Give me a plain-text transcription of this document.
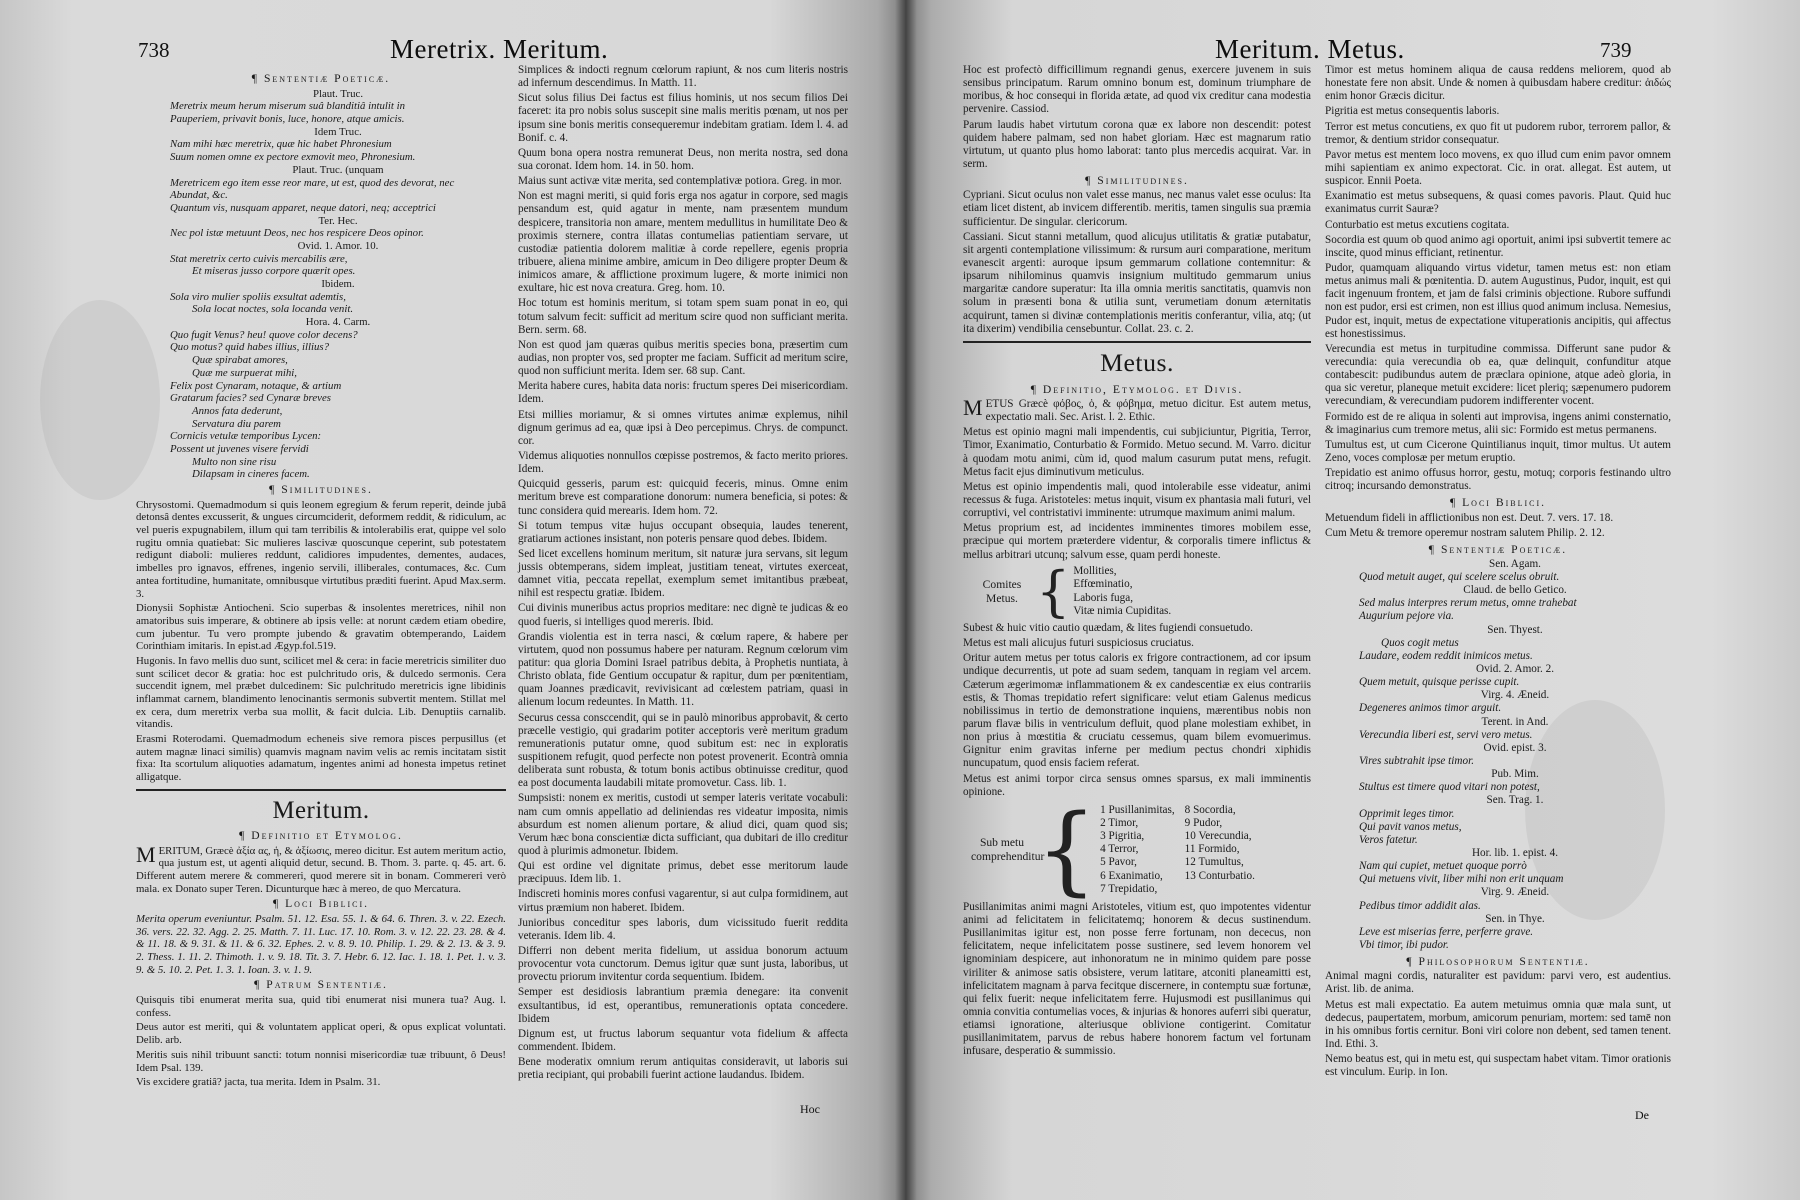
738	Meretrix. Meritum.
¶ Sententiæ Poeticæ.
Plaut. Truc.
Meretrix meum herum miserum suâ blanditiâ intulit in
Pauperiem, privavit bonis, luce, honore, atque amicis.
Idem Truc.
Nam mihi hæc meretrix, quæ hic habet Phronesium
Suum nomen omne ex pectore exmovit meo, Phronesium.
Plaut. Truc. (unquam
Meretricem ego item esse reor mare, ut est, quod des devorat, nec
Abundat, &c.
Quantum vis, nusquam apparet, neque datori, neq; acceptrici
Ter. Hec.
Nec pol istæ metuunt Deos, nec hos respicere Deos opinor.
Ovid. 1. Amor. 10.
Stat meretrix certo cuivis mercabilis ære,
Et miseras jusso corpore quærit opes.
Ibidem.
Sola viro mulier spoliis exsultat ademtis,
Sola locat noctes, sola locanda venit.
Hora. 4. Carm.
Quo fugit Venus? heu! quove color decens?
Quo motus? quid habes illius, illius?
Quæ spirabat amores,
Quæ me surpuerat mihi,
Felix post Cynaram, notaque, & artium
Gratarum facies? sed Cynaræ breves
Annos fata dederunt,
Servatura diu parem
Cornicis vetulæ temporibus Lycen:
Possent ut juvenes visere fervidi
Multo non sine risu
Dilapsam in cineres facem.
¶ Similitudines.

Chrysostomi. Quemadmodum si quis leonem egregium & ferum reperit, deinde jubâ detonsâ dentes excusserit, & ungues circumciderit, deformem reddit, & ridiculum, ac vel pueris expugnabilem, illum qui tam terribilis & intolerabilis erat, quippe vel solo rugitu omnia quatiebat: Sic mulieres lascivæ quoscunque ceperint, sub potestatem redigunt diaboli: mulieres reddunt, calidiores impudentes, dementes, audaces, imbelles pro ignavos, effrenes, ingenio servili, illiberales, contumaces, &c. Cum antea fortitudine, humanitate, omnibusque virtutibus præditi fuerint. Apud Max.serm. 3.

Dionysii Sophistæ Antiocheni. Scio superbas & insolentes meretrices, nihil non amatoribus suis imperare, & obtinere ab ipsis velle: at norunt cædem etiam obedire, cum jubentur. Tu vero prompte jubendo & gravatim obtemperando, Laidem Corinthiam imitaris. In epist.ad Ægyp.fol.519.

Hugonis. In favo mellis duo sunt, scilicet mel & cera: in facie meretricis similiter duo sunt scilicet decor & gratia: hoc est pulchritudo oris, & dulcedo sermonis. Cera succendit ignem, mel præbet dulcedinem: Sic pulchritudo meretricis igne libidinis inflammat carnem, blandimento lenocinantis sermonis subvertit mentem. Stillat mel ex cera, dum meretrix verba sua mollit, & facit dulcia. Lib. Denuptiis carnalib. vitandis.

Erasmi Roterodami. Quemadmodum echeneis sive remora pisces perpusillus (et autem magnæ linaci similis) quamvis magnam navim velis ac remis incitatam sistit fixa: Ita scortulum aliquoties adamatum, ingentes animi ad honesta impetus retinet alligatque.

Meritum.
¶ Definitio et Etymolog.

MERITUM, Græcè ἀξία ας, ἡ, & ἀξίωσις, mereo dicitur. Est autem meritum actio, qua justum est, ut agenti aliquid detur, secund. B. Thom. 3. parte. q. 45. art. 6. Different autem merere & commereri, quod merere sit in bonam. Commereri verò mala. ex Donato super Teren. Dicunturque hæc à mereo, de quo Mercatura.

¶ Loci Biblici.

Merita operum eveniuntur. Psalm. 51. 12. Esa. 55. 1. & 64. 6. Thren. 3. v. 22. Ezech. 36. vers. 22. 32. Agg. 2. 25. Matth. 7. 11. Luc. 17. 10. Rom. 3. v. 12. 22. 23. 28. & 4. & 11. 18. & 9. 31. & 11. & 6. 32. Ephes. 2. v. 8. 9. 10. Philip. 1. 29. & 2. 13. & 3. 9. 2. Thess. 1. 11. 2. Thimoth. 1. v. 9. 18. Tit. 3. 7. Hebr. 6. 12. Iac. 1. 18. 1. Pet. 1. v. 3. 9. & 5. 10. 2. Pet. 1. 3. 1. Ioan. 3. v. 1. 9.

¶ Patrum Sententiæ.

Quisquis tibi enumerat merita sua, quid tibi enumerat nisi munera tua? Aug. l. confess.

Deus autor est meriti, qui & voluntatem applicat operi, & opus explicat voluntati. Delib. arb.

Meritis suis nihil tribuunt sancti: totum nonnisi misericordiæ tuæ tribuunt, ô Deus! Idem Psal. 139.

Vis excidere gratiâ? jacta, tua merita. Idem in Psalm. 31.

Simplices & indocti regnum cœlorum rapiunt, & nos cum literis nostris ad infernum descendimus. In Matth. 11.

Sicut solus filius Dei factus est filius hominis, ut nos secum filios Dei faceret: ita pro nobis solus suscepit sine malis meritis pœnam, ut nos per ipsum sine bonis meritis consequeremur indebitam gratiam. Idem l. 4. ad Bonif. c. 4.

Quum bona opera nostra remunerat Deus, non merita nostra, sed dona sua coronat. Idem hom. 14. in 50. hom.

Maius sunt activæ vitæ merita, sed contemplativæ potiora. Greg. in mor.

Non est magni meriti, si quid foris erga nos agatur in corpore, sed magis pensandum est, quid agatur in mente, nam præsentem mundum despicere, transitoria non amare, mentem medullitus in humilitate Deo & proximis sternere, contra illatas contumelias patientiam servare, ut custodiæ patientia dolorem malitiæ à corde repellere, egenis propria tribuere, aliena minime ambire, amicum in Deo diligere propter Deum & inimicos amare, & afflictione proximum lugere, & morte inimici non exultare, hic est nova creatura. Greg. hom. 10.

Hoc totum est hominis meritum, si totam spem suam ponat in eo, qui totum salvum fecit: sufficit ad meritum scire quod non sufficiant merita. Bern. serm. 68.

Non est quod jam quæras quibus meritis species bona, præsertim cum audias, non propter vos, sed propter me faciam. Sufficit ad meritum scire, quod non sufficiunt merita. Idem ser. 68 sup. Cant.

Merita habere cures, habita data noris: fructum speres Dei misericordiam. Idem.

Etsi millies moriamur, & si omnes virtutes animæ explemus, nihil dignum gerimus ad ea, quæ ipsi à Deo percepimus. Chrys. de compunct. cor.

Videmus aliquoties nonnullos cœpisse postremos, & facto merito priores. Idem.

Quicquid gesseris, parum est: quicquid feceris, minus. Omne enim meritum breve est comparatione donorum: numera beneficia, si potes: & tunc considera quid merearis. Idem hom. 72.

Si totum tempus vitæ hujus occupant obsequia, laudes tenerent, gratiarum actiones insistant, non poteris pensare quod debes. Ibidem.

Sed licet excellens hominum meritum, sit naturæ jura servans, sit legum jussis obtemperans, sidem impleat, justitiam teneat, virtutes exerceat, damnet vitia, peccata repellat, exemplum semet imitantibus præbeat, nihil est respectu gratiæ. Ibidem.

Cui divinis muneribus actus proprios meditare: nec dignè te judicas & eo quod fueris, si intelliges quod mereris. Ibid.

Grandis violentia est in terra nasci, & cœlum rapere, & habere per virtutem, quod non possumus habere per naturam. Regnum cœlorum vim patitur: qua gloria Domini Israel patribus debita, à Prophetis nuntiata, à Christo oblata, fide Gentium occupatur & rapitur, dum per pœnitentiam, quam Joannes prædicavit, revivisicant ad cœlestem patriam, quasi in alienum locum redeuntes. In Matth. 11.

Securus cessa consccendit, qui se in paulò minoribus approbavit, & certo præcelle vestigio, qui gradarim potiter acceptoris verè meritum gradum remunerationis putatur omne, quod subitum est: nec in exploratis suspitionem refugit, quod perfecte non potest provenerit. Econtrà omnia deliberata sunt robusta, & totum bonis actibus obtinuisse creditur, quod ea post documenta laudabili mitate promovetur. Cass. lib. 1.

Sumpsisti: nonem ex meritis, custodi ut semper lateris veritate vocabuli: nam cum omnis appellatio ad deliniendas res videatur imposita, nimis absurdum est nomen alienum portare, & aliud dici, quam quod sis; Verum hæc bona conscientiæ dicta sufficiant, qua dubitari de illo creditur quod à plurimis admonetur. Ibidem.

Qui est ordine vel dignitate primus, debet esse meritorum laude præcipuus. Idem lib. 1.

Indiscreti hominis mores confusi vagarentur, si aut culpa formidinem, aut virtus præmium non haberet. Ibidem.

Junioribus conceditur spes laboris, dum vicissitudo fuerit reddita veteranis. Idem lib. 4.

Differri non debent merita fidelium, ut assidua bonorum actuum provocentur vota cunctorum. Demus igitur quæ sunt justa, laboribus, ut provectu priorum invitentur corda sequentium. Ibidem.

Semper est desidiosis labrantium præmia denegare: ita convenit exsultantibus, id est, operantibus, remunerationis optata concedere. Ibidem

Dignum est, ut fructus laborum sequantur vota fidelium & affecta commendent. Ibidem.

Bene moderatix omnium rerum antiquitas consideravit, ut laboris sui pretia recipiant, qui probabili fuerint actione laudandus. Ibidem.

Hoc
739
Meritum. Metus.

Hoc est profectò difficillimum regnandi genus, exercere juvenem in suis sensibus principatum. Rarum omnino bonum est, dominum triumphare de moribus, & hoc consequi in florida ætate, ad quod vix creditur cana modestia pervenire. Cassiod.

Parum laudis habet virtutum corona quæ ex labore non descendit: potest quidem habere palmam, sed non habet gloriam. Hæc est magnarum ratio virtutum, ut quanto plus homo laborat: tanto plus mercedis acquirat. Var. in serm.

¶ Similitudines.

Cypriani. Sicut oculus non valet esse manus, nec manus valet esse oculus: Ita etiam licet distent, ab invicem differentib. meritis, tamen singulis sua præmia sufficientur. De singular. clericorum.

Cassiani. Sicut stanni metallum, quod alicujus utilitatis & gratiæ putabatur, sit argenti contemplatione vilissimum: & rursum auri comparatione, meritum evanescit argenti: auroque ipsum gemmarum collatione contemnitur: & ipsarum nihilominus quamvis insignium multitudo gemmarum unius margaritæ candore superatur: Ita illa omnia meritis sanctitatis, quamvis non solum in præsenti bona & utilia sunt, verumetiam donum æternitatis acquirunt, tamen si divinæ contemplationis meritis conferantur, vilia, atq; (ut ita dixerim) vendibilia censebuntur. Collat. 23. c. 2.

Metus.
¶ Definitio, Etymolog. et Divis.

METUS Græcè φόβος, ὁ, & φόβημα, metuo dicitur. Est autem metus, expectatio mali. Sec. Arist. l. 2. Ethic.

Metus est opinio magni mali impendentis, cui subjiciuntur, Pigritia, Terror, Timor, Exanimatio, Conturbatio & Formido. Metuo secund. M. Varro. dicitur à quodam motu animi, cùm id, quod malum casurum putat mens, refugit. Metus facit ejus diminutivum meticulus.

Metus est opinio impendentis mali, quod intolerabile esse videatur, animi recessus & fuga. Aristoteles: metus inquit, visum ex phantasia mali futuri, vel corruptivi, vel contristativi imminente: utrumque maximum animi malum.

Metus proprium est, ad incidentes imminentes timores mobilem esse, præcipue qui mortem præterdere videntur, & corporalis timere inflictus & mellus arbitrari utcunq; salvum esse, quam perdi honeste.

Comites Metus. { Mollities,
Effœminatio,
Laboris fuga,
Vitæ nimia Cupiditas.

Subest & huic vitio cautio quædam, & lites fugiendi consuetudo.

Metus est mali alicujus futuri suspiciosus cruciatus.

Oritur autem metus per totus caloris ex frigore contractionem, ad cor ipsum undique decurrentis, ut pote ad suam sedem, tanquam in regiam vel arcem. Cæterum ægerimomæ inflammationem & ex candescentiæ ex eius contrariis estis, & Thomas trepidatio refert significare: velut etiam Galenus medicus nobilissimus in tertio de demonstratione inquiens, mærentibus nobis non parum flavæ bilis in ventriculum defluit, quod plane molestiam exhibet, in non prius à mœstitia & cruciatu cessemus, quam bilem evomuerimus. Gignitur enim gravitas inferne per medium pectus chondri xiphidis nuncupatum, quod ensis faciem referat.

Metus est animi torpor circa sensus omnes sparsus, ex mali imminentis opinione.

Sub metu comprehenditur
{ 1 Pusillanimitas,
2 Timor,
3 Pigritia,
4 Terror,
5 Pavor,
6 Exanimatio,
7 Trepidatio,
8 Socordia,
9 Pudor,
10 Verecundia,
11 Formido,
12 Tumultus,
13 Conturbatio.

Pusillanimitas animi magni Aristoteles, vitium est, quo impotentes videntur animi ad felicitatem in felicitatemq; honorem & decus sustinendum. Pusillanimitas igitur est, non posse ferre fortunam, non dececus, non felicitatem, neque infelicitatem posse sustinere, sed levem honorem vel ignominiam despicere, aut inhonoratum ne in minimo quidem pare posse viriliter & animose satis obsistere, verum latitare, atconiti planeamitti est, infelicitatem magnam à parva fecitque discernere, in contemptu suæ fortunæ, qui felix fuerit: neque infelicitatem ferre. Hujusmodi est pusillanimus qui omnia convitia contumelias voces, & injurias & honores auferri sibi queratur, etiamsi ignoratione, alteriusque oblivione contigerint. Comitatur pusillanimitatem, parvus de rebus habere honorem factum vel fortunam infusare, desperatio & summissio.

Timor est metus hominem aliqua de causa reddens meliorem, quod ab honestate fere non absit. Unde & nomen à quibusdam habere creditur: ἀιδώς enim honor Græcis dicitur.

Pigritia est metus consequentis laboris.

Terror est metus concutiens, ex quo fit ut pudorem rubor, terrorem pallor, & tremor, & dentium stridor consequatur.

Pavor metus est mentem loco movens, ex quo illud cum enim pavor omnem mihi sapientiam ex animo expectorat. Cic. in orat. allegat. Est autem, ut suspicor. Ennii Poeta.

Exanimatio est metus subsequens, & quasi comes pavoris. Plaut. Quid huc exanimatus currit Sauræ?

Conturbatio est metus excutiens cogitata.

Socordia est quum ob quod animo agi oportuit, animi ipsi subvertit temere ac inscite, quod minus efficiant, retinentur.

Pudor, quamquam aliquando virtus videtur, tamen metus est: non etiam metus animus mali & pœnitentia. D. autem Augustinus, Pudor, inquit, est qui facit ingenuum frontem, et jam de falsi criminis objectione. Rubore suffundi non est pudor, ersi est crimen, non est illius quod animum inclusa. Nemesius, Pudor est, inquit, metus de expectatione vituperationis ancipitis, qui affectus est honestissimus.

Verecundia est metus in turpitudine commissa. Differunt sane pudor & verecundia: quia verecundia ob ea, quæ delinquit, confunditur atque contabescit: pudibundus autem de præclara opinione, atque adeò gloria, in qua sic veretur, planeque metuit excidere: licet pleriq; sæpenumero pudorem verecundiam, & verecundiam pudorem indifferenter vocent.

Formido est de re aliqua in solenti aut improvisa, ingens animi consternatio, & imaginarius cum tremore metus, alii sic: Formido est metus permanens.

Tumultus est, ut cum Cicerone Quintilianus inquit, timor multus. Ut autem Zeno, voces complosæ per metum eruptio.

Trepidatio est animo offusus horror, gestu, motuq; corporis festinando ultro citroq; incursando demonstratus.

¶ Loci Biblici.

Metuendum fideli in afflictionibus non est. Deut. 7. vers. 17. 18.

Cum Metu & tremore operemur nostram salutem Philip. 2. 12.

¶ Sententiæ Poeticæ.
Sen. Agam.
Quod metuit auget, qui scelere scelus obruit.
Claud. de bello Getico.
Sed malus interpres rerum metus, omne trahebat
Augurium pejore via.
Sen. Thyest.
Quos cogit metus
Laudare, eodem reddit inimicos metus.
Ovid. 2. Amor. 2.
Quem metuit, quisque perisse cupit.
Virg. 4. Æneid.
Degeneres animos timor arguit.
Terent. in And.
Verecundia liberi est, servi vero metus.
Ovid. epist. 3.
Vires subtrahit ipse timor.
Pub. Mim.
Stultus est timere quod vitari non potest,
Sen. Trag. 1.
Opprimit leges timor.
Qui pavit vanos metus,
Veros fatetur.
Hor. lib. 1. epist. 4.
Nam qui cupiet, metuet quoque porrò
Qui metuens vivit, liber mihi non erit unquam
Virg. 9. Æneid.
Pedibus timor addidit alas.
Sen. in Thye.
Leve est miserias ferre, perferre grave.
Vbi timor, ibi pudor.
¶ Philosophorum Sententiæ.

Animal magni cordis, naturaliter est pavidum: parvi vero, est audentius. Arist. lib. de anima.

Metus est mali expectatio. Ea autem metuimus omnia quæ mala sunt, ut dedecus, paupertatem, morbum, amicorum penuriam, mortem: sed tamē non in his omnibus fortis cernitur. Boni viri colore non debent, sed tamen tenent. Ind. Ethi. 3.

Nemo beatus est, qui in metu est, qui suspectam habet vitam. Timor orationis est vinculum. Eurip. in Ion.

De
